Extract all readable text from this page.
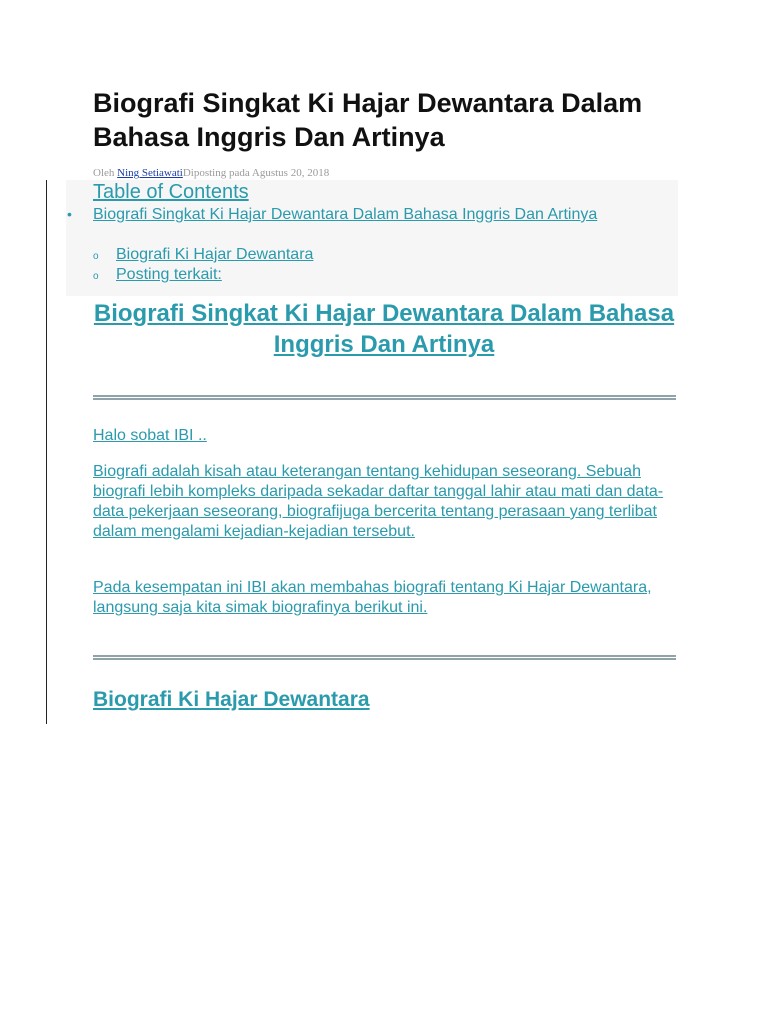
Biografi Singkat Ki Hajar Dewantara Dalam Bahasa Inggris Dan Artinya
Oleh Ning SetiawatiDiposting pada Agustus 20, 2018
Table of Contents
• Biografi Singkat Ki Hajar Dewantara Dalam Bahasa Inggris Dan Artinya
o Biografi Ki Hajar Dewantara
o Posting terkait:
Biografi Singkat Ki Hajar Dewantara Dalam Bahasa Inggris Dan Artinya

Halo sobat IBI ..

Biografi adalah kisah atau keterangan tentang kehidupan seseorang. Sebuah biografi lebih kompleks daripada sekadar daftar tanggal lahir atau mati dan data-data pekerjaan seseorang, biografijuga bercerita tentang perasaan yang terlibat dalam mengalami kejadian-kejadian tersebut.

Pada kesempatan ini IBI akan membahas biografi tentang Ki Hajar Dewantara, langsung saja kita simak biografinya berikut ini.

Biografi Ki Hajar Dewantara
